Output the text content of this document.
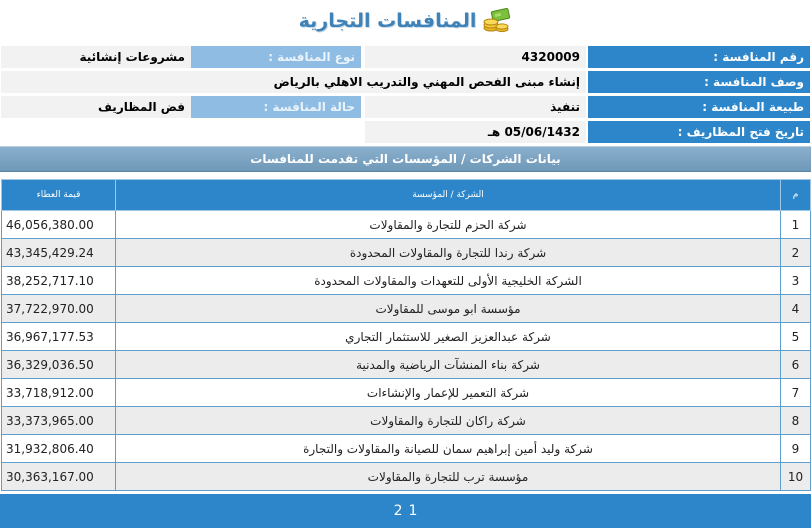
المنافسات التجارية
رقم المنافسة :
4320009
نوع المنافسة :
مشروعات إنشائية
وصف المنافسة :
إنشاء مبنى الفحص المهني والتدريب الاهلي بالرياض
طبيعة المنافسة :
تنفيذ
حالة المنافسة :
فض المظاريف
تاريخ فتح المظاريف :
05/06/1432 هـ
بيانات الشركات / المؤسسات التي تقدمت للمنافسات
م	الشركة / المؤسسة	قيمة العطاء
1	شركة الحزم للتجارة والمقاولات	46,056,380.00
2	شركة رندا للتجارة والمقاولات المحدودة	43,345,429.24
3	الشركة الخليجية الأولى للتعهدات والمقاولات المحدودة	38,252,717.10
4	مؤسسة ابو موسى للمقاولات	37,722,970.00
5	شركة عبدالعزيز الصغير للاستثمار التجاري	36,967,177.53
6	شركة بناء المنشآت الرياضية والمدنية	36,329,036.50
7	شركة التعمير للإعمار والإنشاءات	33,718,912.00
8	شركة راكان للتجارة والمقاولات	33,373,965.00
9	شركة وليد أمين إبراهيم سمان للصيانة والمقاولات والتجارة	31,932,806.40
10	مؤسسة ترب للتجارة والمقاولات	30,363,167.00
2 1
